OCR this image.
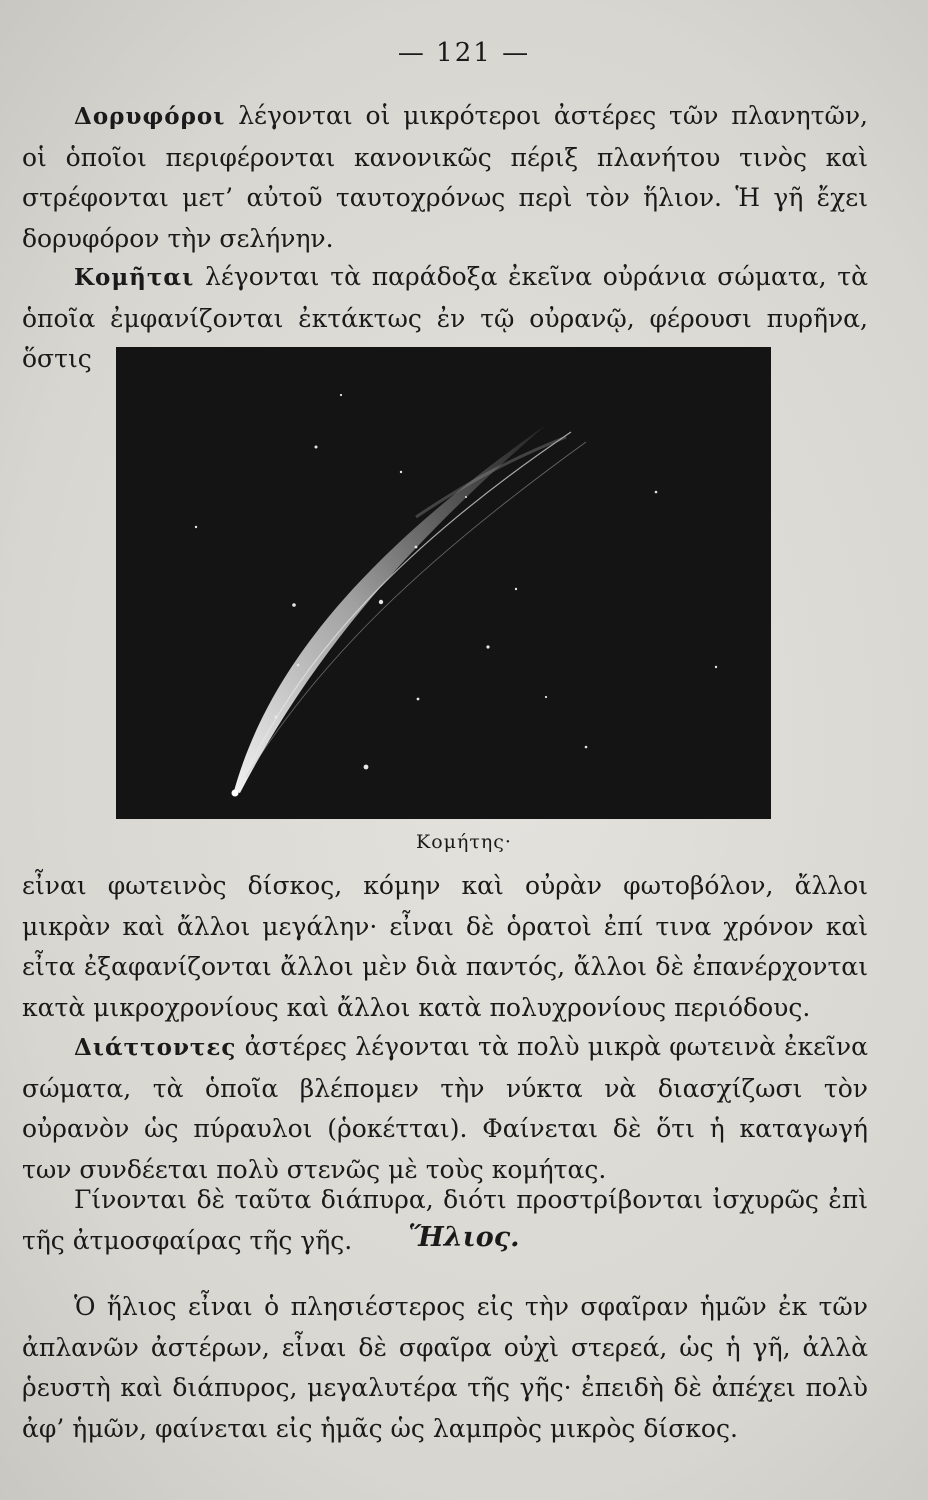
— 121 —

Δορυφόροι λέγονται οἱ μικρότεροι ἀστέρες τῶν πλανητῶν, οἱ ὁποῖοι περιφέρονται κανονικῶς πέριξ πλανήτου τινὸς καὶ στρέφονται μετ’ αὐτοῦ ταυτοχρόνως περὶ τὸν ἥλιον. Ἡ γῆ ἔχει δορυφόρον τὴν σελήνην.

Κομῆται λέγονται τὰ παράδοξα ἐκεῖνα οὐράνια σώματα, τὰ ὁποῖα ἐμφανίζονται ἐκτάκτως ἐν τῷ οὐρανῷ, φέρουσι πυρῆνα, ὅστις

Κομήτης·

εἶναι φωτεινὸς δίσκος, κόμην καὶ οὐρὰν φωτοβόλον, ἄλλοι μικρὰν καὶ ἄλλοι μεγάλην· εἶναι δὲ ὁρατοὶ ἐπί τινα χρόνον καὶ εἶτα ἐξαφανίζονται ἄλλοι μὲν διὰ παντός, ἄλλοι δὲ ἐπανέρχονται κατὰ μικροχρονίους καὶ ἄλλοι κατὰ πολυχρονίους περιόδους.

Διάττοντες ἀστέρες λέγονται τὰ πολὺ μικρὰ φωτεινὰ ἐκεῖνα σώματα, τὰ ὁποῖα βλέπομεν τὴν νύκτα νὰ διασχίζωσι τὸν οὐρανὸν ὡς πύραυλοι (ῥοκέτται). Φαίνεται δὲ ὅτι ἡ καταγωγή των συνδέεται πολὺ στενῶς μὲ τοὺς κομήτας.

Γίνονται δὲ ταῦτα διάπυρα, διότι προστρίβονται ἰσχυρῶς ἐπὶ τῆς ἀτμοσφαίρας τῆς γῆς.	Ἥλιος.

Ὁ ἥλιος εἶναι ὁ πλησιέστερος εἰς τὴν σφαῖραν ἡμῶν ἐκ τῶν ἀπλανῶν ἀστέρων, εἶναι δὲ σφαῖρα οὐχὶ στερεά, ὡς ἡ γῆ, ἀλλὰ ῥευστὴ καὶ διάπυρος, μεγαλυτέρα τῆς γῆς· ἐπειδὴ δὲ ἀπέχει πολὺ ἀφ’ ἡμῶν, φαίνεται εἰς ἡμᾶς ὡς λαμπρὸς μικρὸς δίσκος.
